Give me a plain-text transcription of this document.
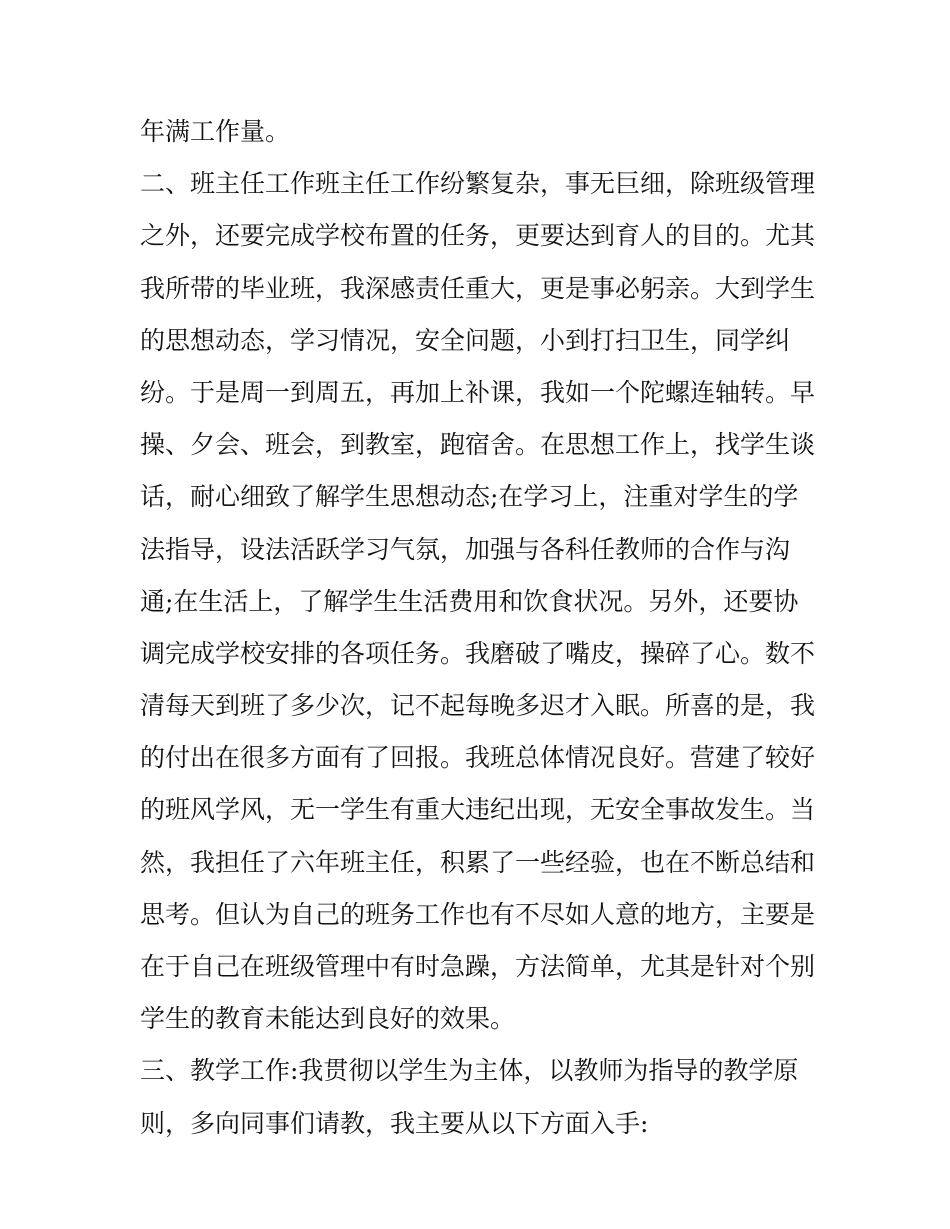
年满工作量。
二、班主任工作班主任工作纷繁复杂，事无巨细，除班级管理
之外，还要完成学校布置的任务，更要达到育人的目的。尤其
我所带的毕业班，我深感责任重大，更是事必躬亲。大到学生
的思想动态，学习情况，安全问题，小到打扫卫生，同学纠
纷。于是周一到周五，再加上补课，我如一个陀螺连轴转。早
操、夕会、班会，到教室，跑宿舍。在思想工作上，找学生谈
话，耐心细致了解学生思想动态;在学习上，注重对学生的学
法指导，设法活跃学习气氛，加强与各科任教师的合作与沟
通;在生活上，了解学生生活费用和饮食状况。另外，还要协
调完成学校安排的各项任务。我磨破了嘴皮，操碎了心。数不
清每天到班了多少次，记不起每晚多迟才入眠。所喜的是，我
的付出在很多方面有了回报。我班总体情况良好。营建了较好
的班风学风，无一学生有重大违纪出现，无安全事故发生。当
然，我担任了六年班主任，积累了一些经验，也在不断总结和
思考。但认为自己的班务工作也有不尽如人意的地方，主要是
在于自己在班级管理中有时急躁，方法简单，尤其是针对个别
学生的教育未能达到良好的效果。
三、教学工作:我贯彻以学生为主体，以教师为指导的教学原
则，多向同事们请教，我主要从以下方面入手:
